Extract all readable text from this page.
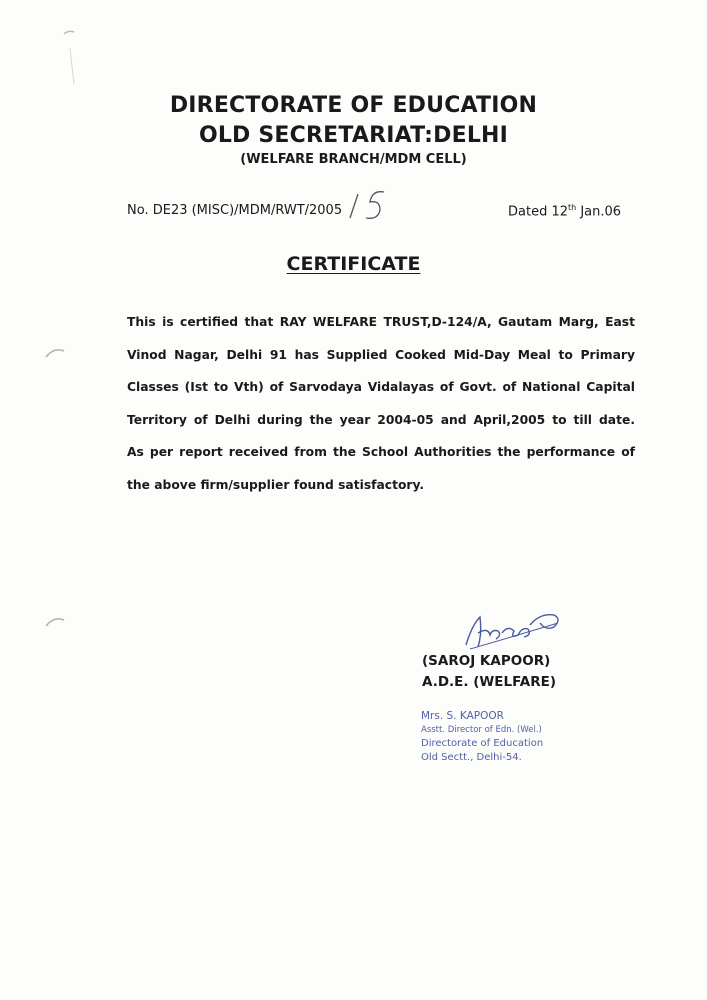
DIRECTORATE OF EDUCATION
OLD SECRETARIAT:DELHI
(WELFARE BRANCH/MDM CELL)
No. DE23 (MISC)/MDM/RWT/2005	Dated 12th Jan.06
CERTIFICATE
This is certified that RAY WELFARE TRUST,D-124/A, Gautam Marg, East
Vinod Nagar, Delhi 91 has Supplied Cooked Mid-Day Meal to Primary
Classes (Ist to Vth) of Sarvodaya Vidalayas of Govt. of National Capital
Territory of Delhi during the year 2004-05 and April,2005 to till date.
As per report received from the School Authorities the performance of
the above firm/supplier found satisfactory.
(SAROJ KAPOOR)
A.D.E. (WELFARE)
Mrs. S. KAPOOR
Asstt. Director of Edn. (Wel.)
Directorate of Education
Old Sectt., Delhi-54.
